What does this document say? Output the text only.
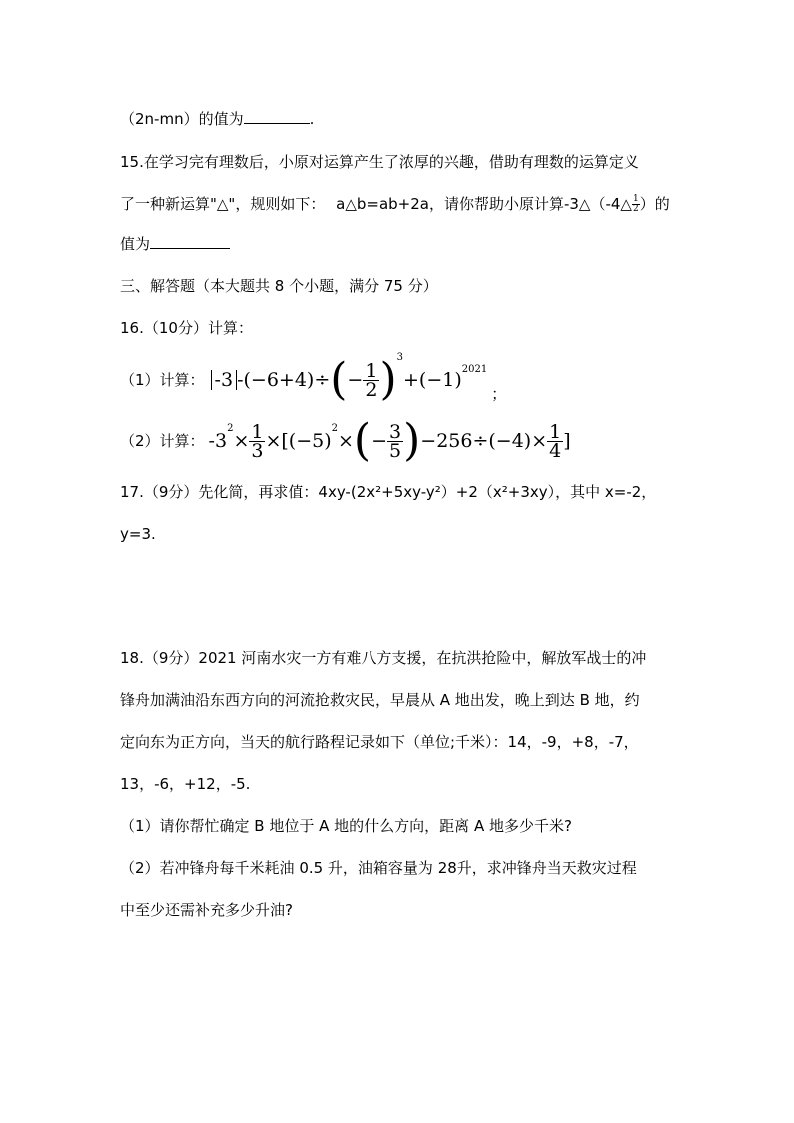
（2n-mn）的值为	.
15.在学习完有理数后，小原对运算产生了浓厚的兴趣，借助有理数的运算定义
了一种新运算"△"，规则如下： a△b=ab+2a，请你帮助小原计算-3△（-4△ $\frac{1}{2}$ ）的
值为
三、解答题（本大题共 8 个小题，满分 75 分）
16.（10分）计算：
（1）计算： -3 - (−6+4)÷ ( − $\frac{1}{2}$ ) 3
+(−1) 2021
；
（2）计算： -3
2
× $\frac{1}{3} \times[(-5)$
2
× ( − $\frac{3}{5}$ ) $-256\div(-4)\times \frac{1}{4}$ ]
17.（9分）先化简，再求值：4xy-(2x²+5xy-y²）+2（x²+3xy），其中 x=-2，
y=3.
18.（9分）2021 河南水灾一方有难八方支援，在抗洪抢险中，解放军战士的冲
锋舟加满油沿东西方向的河流抢救灾民，早晨从 A 地出发，晚上到达 B 地，约
定向东为正方向，当天的航行路程记录如下（单位;千米）：14，-9，+8，-7，
13，-6，+12，-5.
（1）请你帮忙确定 B 地位于 A 地的什么方向，距离 A 地多少千米?
（2）若冲锋舟每千米耗油 0.5 升，油箱容量为 28升，求冲锋舟当天救灾过程
中至少还需补充多少升油?
